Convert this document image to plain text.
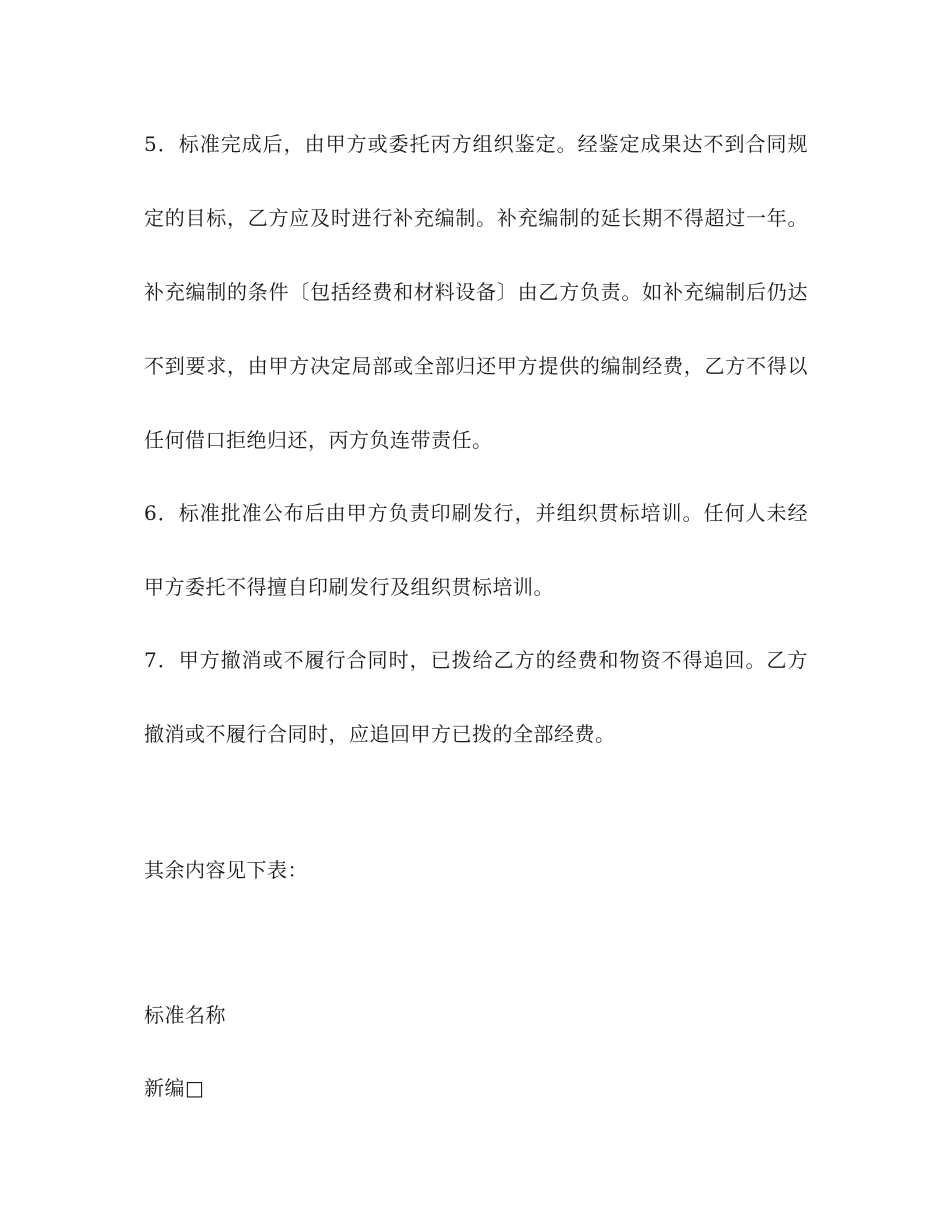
5．标准完成后，由甲方或委托丙方组织鉴定。经鉴定成果达不到合同规定的目标，乙方应及时进行补充编制。补充编制的延长期不得超过一年。补充编制的条件〔包括经费和材料设备〕由乙方负责。如补充编制后仍达不到要求，由甲方决定局部或全部归还甲方提供的编制经费，乙方不得以任何借口拒绝归还，丙方负连带责任。

6．标准批准公布后由甲方负责印刷发行，并组织贯标培训。任何人未经甲方委托不得擅自印刷发行及组织贯标培训。

7．甲方撤消或不履行合同时，已拨给乙方的经费和物资不得追回。乙方撤消或不履行合同时，应追回甲方已拨的全部经费。

其余内容见下表：

标准名称

新编□
